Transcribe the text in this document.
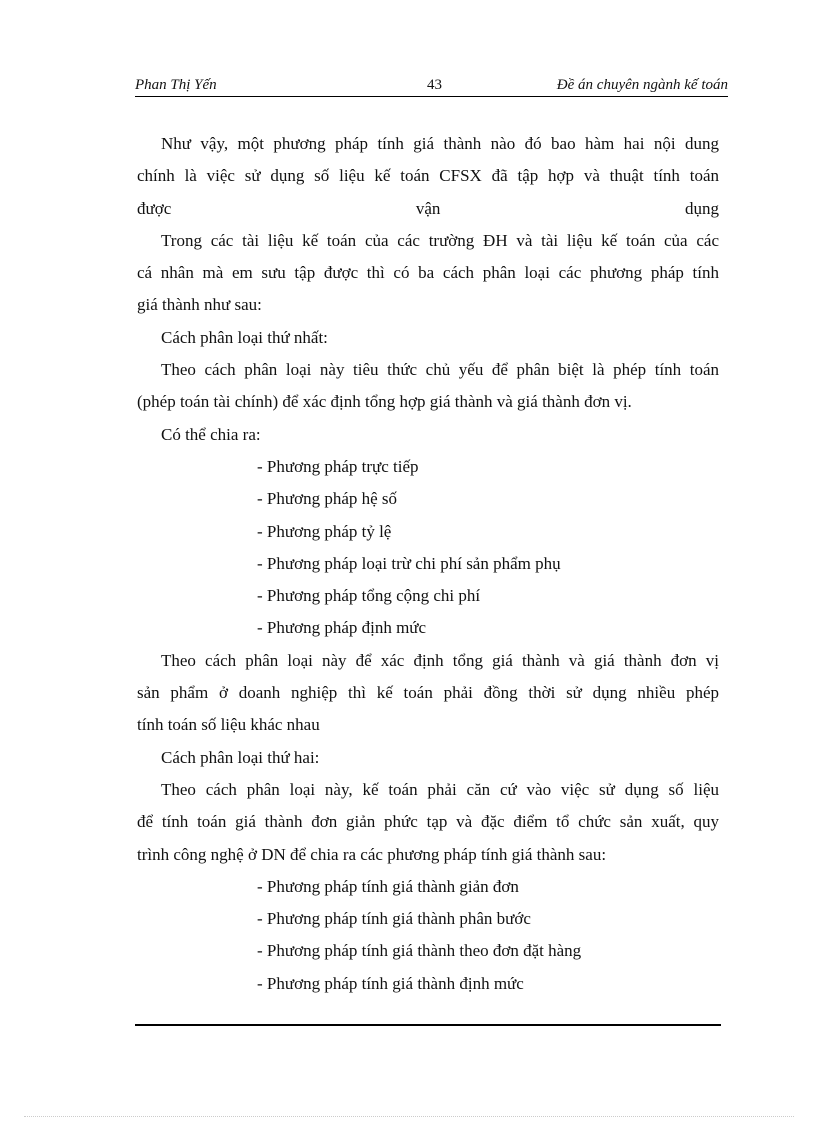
Phan Thị Yến	43	Đề án chuyên ngành kế toán
Như vậy, một phương pháp tính giá thành nào đó bao hàm hai nội dung
chính là việc sử dụng số liệu kế toán CFSX đã tập hợp và thuật tính toán
được vận dụng
Trong các tài liệu kế toán của các trường ĐH và tài liệu kế toán của các
cá nhân mà em sưu tập được thì có ba cách phân loại các phương pháp tính
giá thành như sau:
Cách phân loại thứ nhất:
Theo cách phân loại này tiêu thức chủ yếu để phân biệt là phép tính toán
(phép toán tài chính) để xác định tổng hợp giá thành và giá thành đơn vị.
Có thể chia ra:
- Phương pháp trực tiếp
- Phương pháp hệ số
- Phương pháp tỷ lệ
- Phương pháp loại trừ chi phí sản phẩm phụ
- Phương pháp tổng cộng chi phí
- Phương pháp định mức
Theo cách phân loại này để xác định tổng giá thành và giá thành đơn vị
sản phẩm ở doanh nghiệp thì kế toán phải đồng thời sử dụng nhiều phép
tính toán số liệu khác nhau
Cách phân loại thứ hai:
Theo cách phân loại này, kế toán phải căn cứ vào việc sử dụng số liệu
để tính toán giá thành đơn giản phức tạp và đặc điểm tổ chức sản xuất, quy
trình công nghệ ở DN để chia ra các phương pháp tính giá thành sau:
- Phương pháp tính giá thành giản đơn
- Phương pháp tính giá thành phân bước
- Phương pháp tính giá thành theo đơn đặt hàng
- Phương pháp tính giá thành định mức
